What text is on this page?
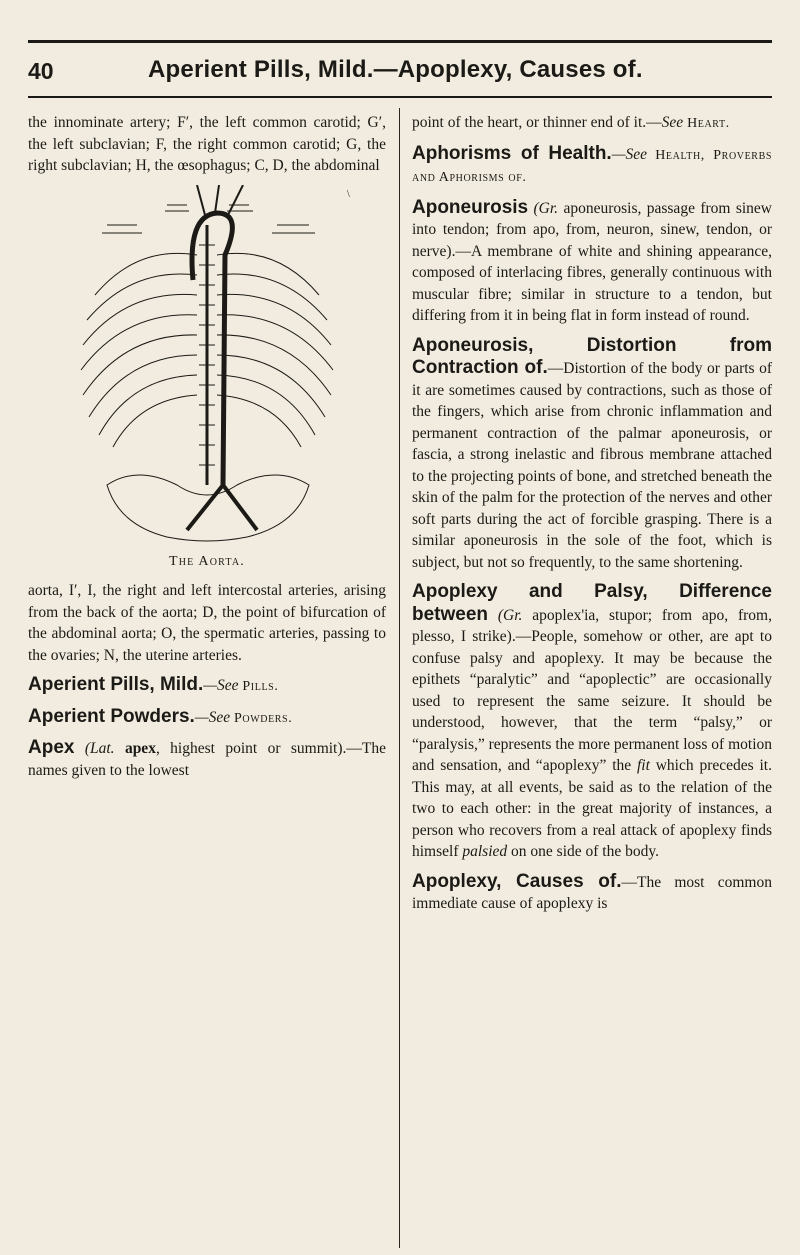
40	Aperient Pills, Mild.—Apoplexy, Causes of.

the innominate artery; F′, the left common carotid; G′, the left subclavian; F, the right common carotid; G, the right subclavian; H, the œsophagus; C, D, the abdominal

\
The Aorta.

aorta, I′, I, the right and left intercostal arteries, arising from the back of the aorta; D, the point of bifurcation of the abdominal aorta; O, the spermatic arteries, passing to the ovaries; N, the uterine arteries.

Aperient Pills, Mild.—See Pills.

Aperient Powders.—See Powders.

Apex (Lat. apex, highest point or summit).—The names given to the lowest

point of the heart, or thinner end of it.—See Heart.

Aphorisms of Health.—See Health, Proverbs and Aphorisms of.

Aponeurosis (Gr. aponeurosis, passage from sinew into tendon; from apo, from, neuron, sinew, tendon, or nerve).—A membrane of white and shining appearance, composed of interlacing fibres, generally continuous with muscular fibre; similar in structure to a tendon, but differing from it in being flat in form instead of round.

Aponeurosis, Distortion from Contraction of.—Distortion of the body or parts of it are sometimes caused by contractions, such as those of the fingers, which arise from chronic inflammation and permanent contraction of the palmar aponeurosis, or fascia, a strong inelastic and fibrous membrane attached to the projecting points of bone, and stretched beneath the skin of the palm for the protection of the nerves and other soft parts during the act of forcible grasping. There is a similar aponeurosis in the sole of the foot, which is subject, but not so frequently, to the same shortening.

Apoplexy and Palsy, Difference between (Gr. apoplex'ia, stupor; from apo, from, plesso, I strike).—People, somehow or other, are apt to confuse palsy and apoplexy. It may be because the epithets “paralytic” and “apoplectic” are occasionally used to represent the same seizure. It should be understood, however, that the term “palsy,” or “paralysis,” represents the more permanent loss of motion and sensation, and “apoplexy” the fit which precedes it. This may, at all events, be said as to the relation of the two to each other: in the great majority of instances, a person who recovers from a real attack of apoplexy finds himself palsied on one side of the body.

Apoplexy, Causes of.—The most common immediate cause of apoplexy is
